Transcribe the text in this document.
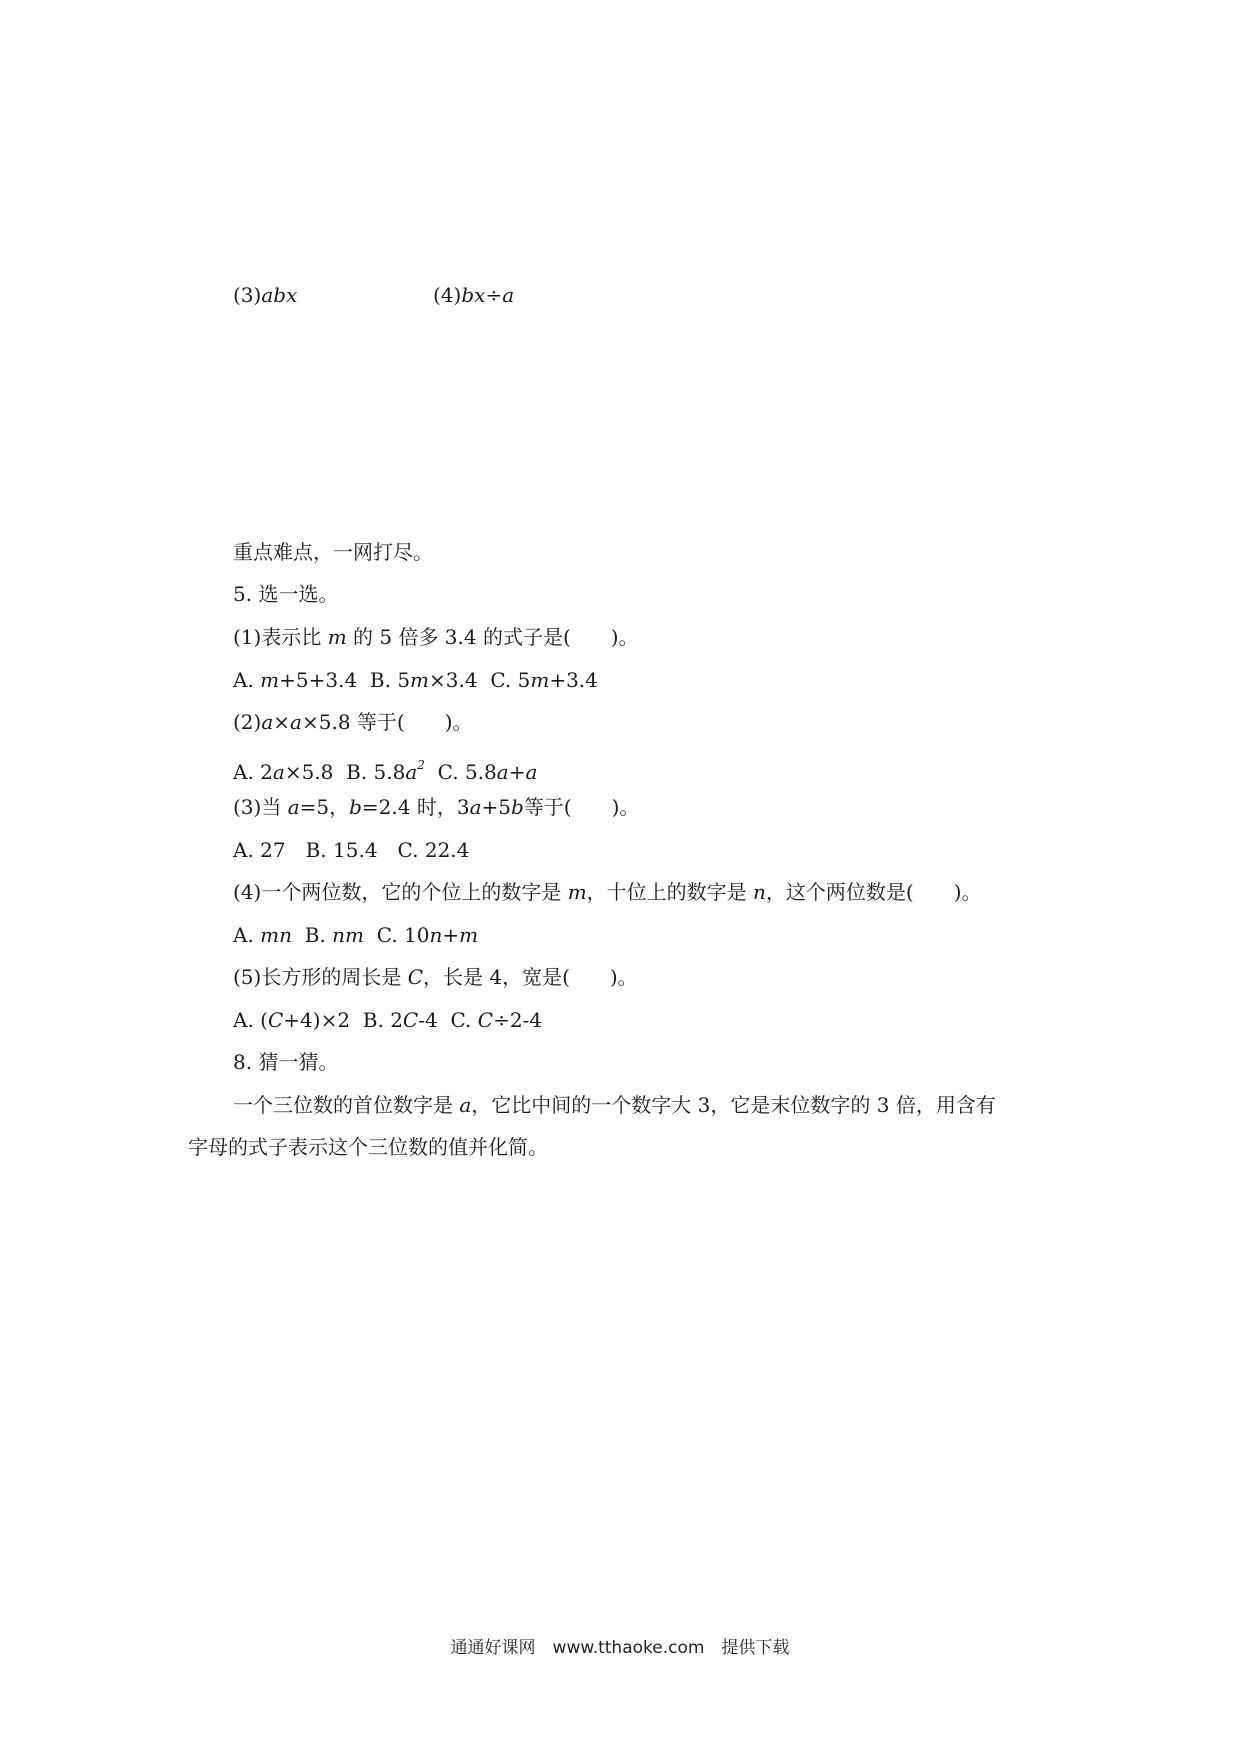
(3)abx	(4)bx÷a
重点难点，一网打尽。
5. 选一选。
(1)表示比 m 的 5 倍多 3.4 的式子是(　　)。
A. m+5+3.4 B. 5m×3.4 C. 5m+3.4
(2)a×a×5.8 等于(　　)。
A. 2a×5.8 B. $5.8a^2$ C. 5.8a+a
(3)当 a=5，b=2.4 时，3a+5b等于(　　)。
A. 27　B. 15.4　C. 22.4
(4)一个两位数，它的个位上的数字是 m，十位上的数字是 n，这个两位数是(　　)。
A. mn B. nm C. 10n+m
(5)长方形的周长是 C，长是 4，宽是(　　)。
A. (C+4)×2 B. 2C-4 C. C÷2-4
8. 猜一猜。
一个三位数的首位数字是 a，它比中间的一个数字大 3，它是末位数字的 3 倍，用含有
字母的式子表示这个三位数的值并化简。
通通好课网　www.tthaoke.com　提供下载
